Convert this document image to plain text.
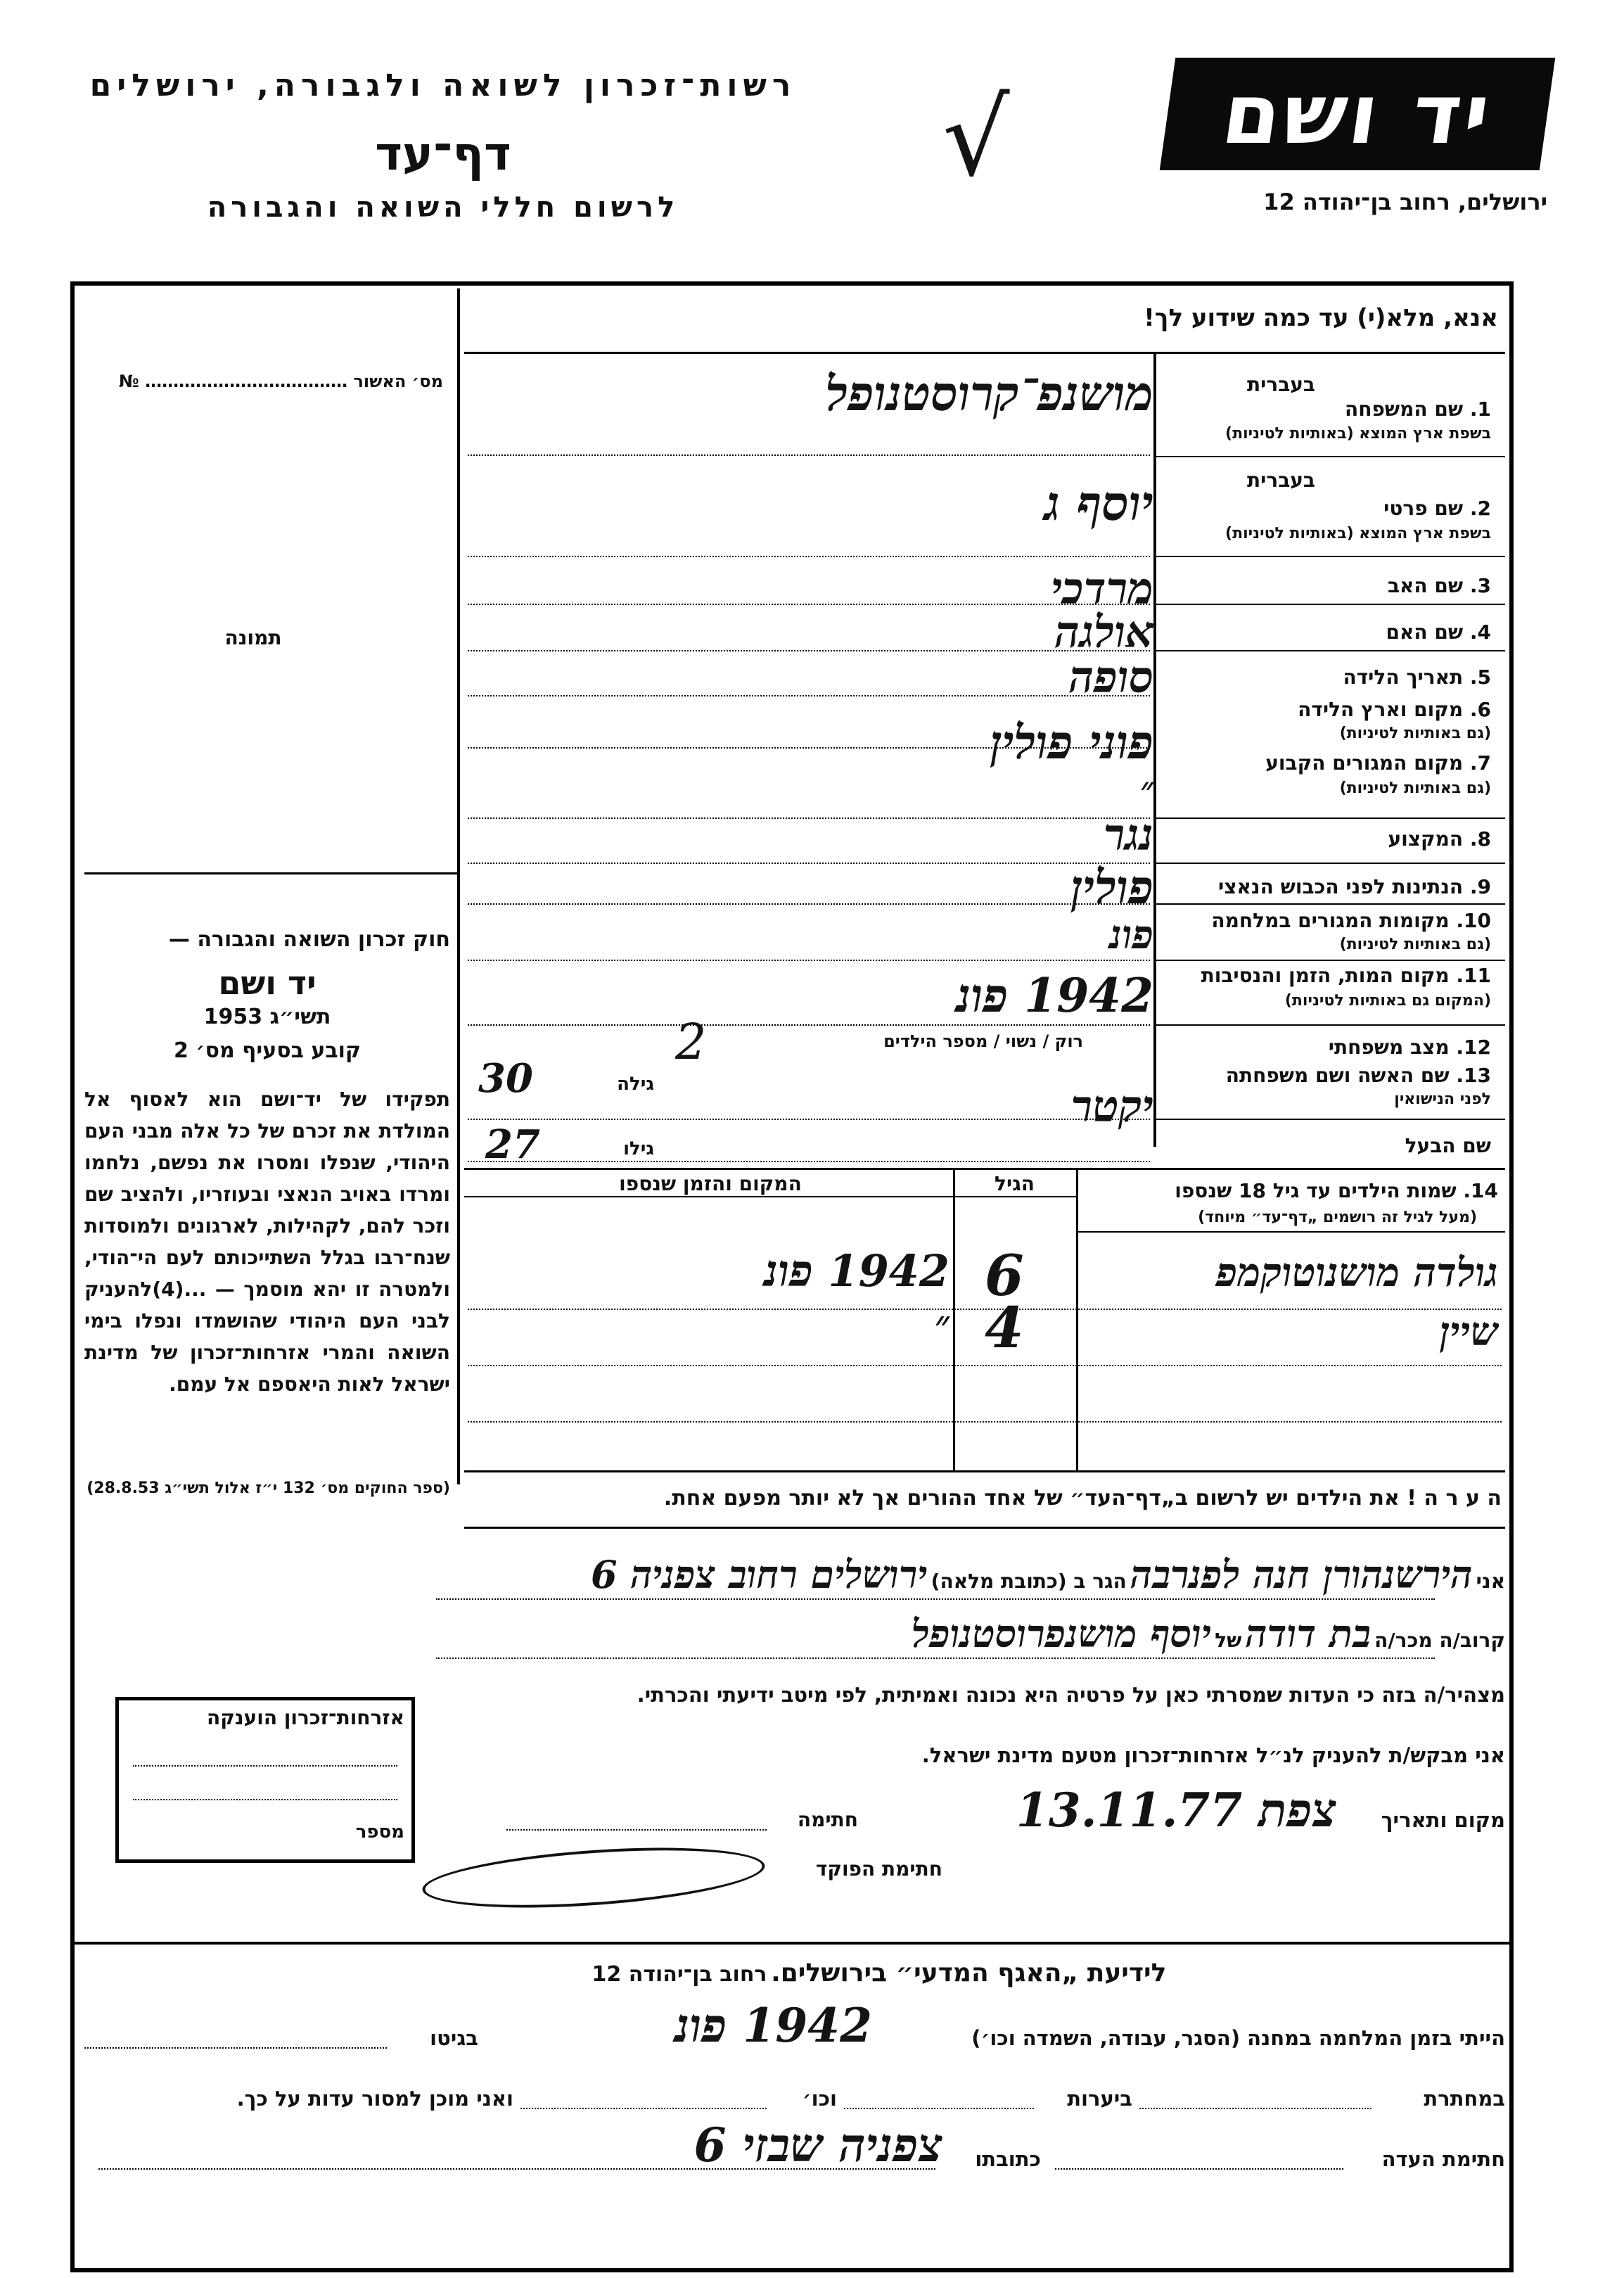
רשות־זכרון לשואה ולגבורה, ירושלים
דף־עד
לרשום חללי השואה והגבורה
√	יד ושם
ירושלים, רחוב בן־יהודה 12
אנא, מלא(י) עד כמה שידוע לך!
מס׳ האשור ……………………………… №
תמונה
חוק זכרון השואה והגבורה —
יד ושם
תשי״ג 1953
קובע בסעיף מס׳ 2
תפקידו של יד־ושם הוא לאסוף אל המולדת את זכרם של כל אלה מבני העם היהודי, שנפלו ומסרו את נפשם, נלחמו ומרדו באויב הנאצי ובעוזריו, ולהציב שם וזכר להם, לקהילות, לארגונים ולמוסדות שנח־רבו בגלל השתייכותם לעם הי־הודי, ולמטרה זו יהא מוסמך — ...(4)להעניק לבני העם היהודי שהושמדו ונפלו בימי השואה והמרי אזרחות־זכרון של מדינת ישראל לאות היאספם אל עמם.
(ספר החוקים מס׳ 132 י״ז אלול תשי״ג 28.8.53)
אזרחות־זכרון הוענקה
מספר
בעברית
1. שם המשפחה
בשפת ארץ המוצא (באותיות לטיניות)
בעברית
2. שם פרטי
בשפת ארץ המוצא (באותיות לטיניות)
3. שם האב
4. שם האם
5. תאריך הלידה
6. מקום וארץ הלידה
(גם באותיות לטיניות)
7. מקום המגורים הקבוע
(גם באותיות לטיניות)
8. המקצוע
9. הנתינות לפני הכבוש הנאצי
10. מקומות המגורים במלחמה
(גם באותיות לטיניות)
11. מקום המות, הזמן והנסיבות
(המקום גם באותיות לטיניות)
12. מצב משפחתי
13. שם האשה ושם משפחתה
לפני הנישואין
שם הבעל
מושנפ־קרוסטנופל
יוסף ג
מרדכי
אולגה
סופה
פוני פולין
״
נגר
פולין
פונ
1942 פונ
רוק / נשוי / מספר הילדים
2
יקטר
גילה
30
גילו
27
14. שמות הילדים עד גיל 18 שנספו
(מעל לגיל זה רושמים „דף־עד״ מיוחד)
הגיל
המקום והזמן שנספו
גולדה מושנוטוקמפ
6
1942 פונ
שיין
4
״
ה ע ר ה ! את הילדים יש לרשום ב„דף־העד״ של אחד ההורים אך לא יותר מפעם אחת.
אני הירשנהורן חנה לפנרבה הגר ב (כתובת מלאה) ירושלים רחוב צפניה 6
קרוב/ה מכר/ה בת דודה של יוסף מושנפרוסטנופל
מצהיר/ה בזה כי העדות שמסרתי כאן על פרטיה היא נכונה ואמיתית, לפי מיטב ידיעתי והכרתי.
אני מבקש/ת להעניק לנ״ל אזרחות־זכרון מטעם מדינת ישראל.
מקום ותאריך
צפת 13.11.77
חתימה
חתימת הפוקד
לידיעת „האגף המדעי״ בירושלים. רחוב בן־יהודה 12
הייתי בזמן המלחמה במחנה (הסגר, עבודה, השמדה וכו׳)
1942 פונ
בגיטו
במחתרת
ביערות
וכו׳
ואני מוכן למסור עדות על כך.
חתימת העדה
כתובתו
צפניה שבזי 6
